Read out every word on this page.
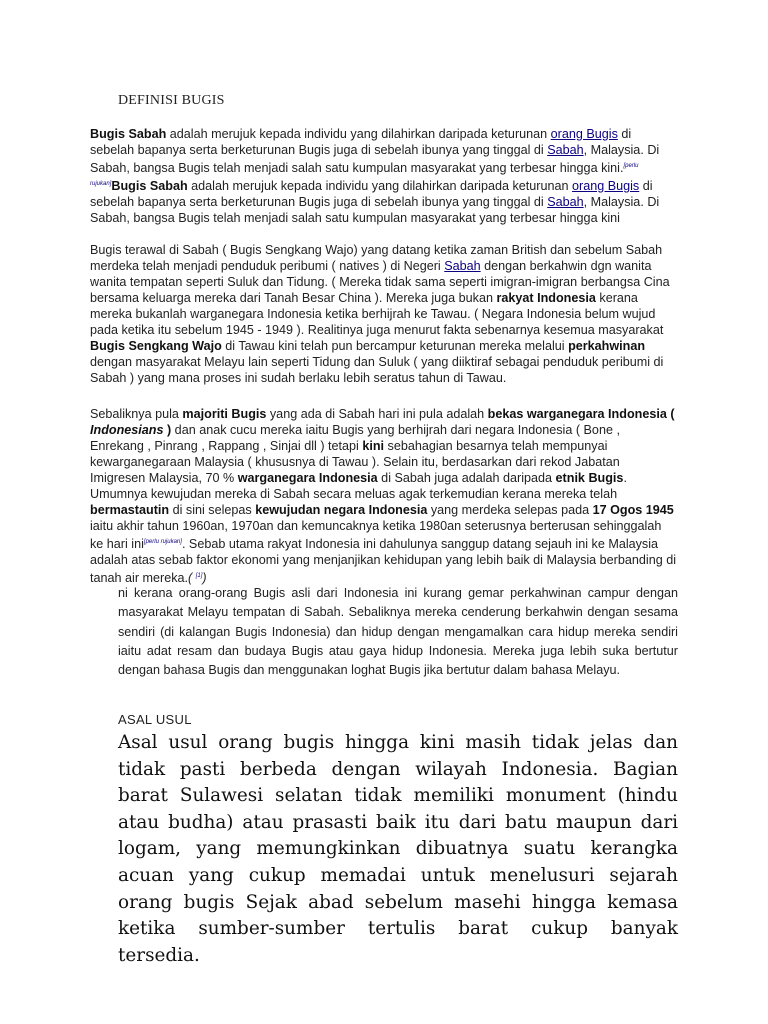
DEFINISI BUGIS
Bugis Sabah adalah merujuk kepada individu yang dilahirkan daripada keturunan orang Bugis di sebelah bapanya serta berketurunan Bugis juga di sebelah ibunya yang tinggal di Sabah, Malaysia. Di Sabah, bangsa Bugis telah menjadi salah satu kumpulan masyarakat yang terbesar hingga kini.[perlu rujukan]Bugis Sabah adalah merujuk kepada individu yang dilahirkan daripada keturunan orang Bugis di sebelah bapanya serta berketurunan Bugis juga di sebelah ibunya yang tinggal di Sabah, Malaysia. Di Sabah, bangsa Bugis telah menjadi salah satu kumpulan masyarakat yang terbesar hingga kini
Bugis terawal di Sabah ( Bugis Sengkang Wajo) yang datang ketika zaman British dan sebelum Sabah merdeka telah menjadi penduduk peribumi ( natives ) di Negeri Sabah dengan berkahwin dgn wanita wanita tempatan seperti Suluk dan Tidung. ( Mereka tidak sama seperti imigran-imigran berbangsa Cina bersama keluarga mereka dari Tanah Besar China ). Mereka juga bukan rakyat Indonesia kerana mereka bukanlah warganegara Indonesia ketika berhijrah ke Tawau. ( Negara Indonesia belum wujud pada ketika itu sebelum 1945 - 1949 ). Realitinya juga menurut fakta sebenarnya kesemua masyarakat Bugis Sengkang Wajo di Tawau kini telah pun bercampur keturunan mereka melalui perkahwinan dengan masyarakat Melayu lain seperti Tidung dan Suluk ( yang diiktiraf sebagai penduduk peribumi di Sabah ) yang mana proses ini sudah berlaku lebih seratus tahun di Tawau.
Sebaliknya pula majoriti Bugis yang ada di Sabah hari ini pula adalah bekas warganegara Indonesia ( Indonesians ) dan anak cucu mereka iaitu Bugis yang berhijrah dari negara Indonesia ( Bone , Enrekang , Pinrang , Rappang , Sinjai dll ) tetapi kini sebahagian besarnya telah mempunyai kewarganegaraan Malaysia ( khususnya di Tawau ). Selain itu, berdasarkan dari rekod Jabatan Imigresen Malaysia, 70 % warganegara Indonesia di Sabah juga adalah daripada etnik Bugis. Umumnya kewujudan mereka di Sabah secara meluas agak terkemudian kerana mereka telah bermastautin di sini selepas kewujudan negara Indonesia yang merdeka selepas pada 17 Ogos 1945 iaitu akhir tahun 1960an, 1970an dan kemuncaknya ketika 1980an seterusnya berterusan sehinggalah ke hari ini[perlu rujukan]. Sebab utama rakyat Indonesia ini dahulunya sanggup datang sejauh ini ke Malaysia adalah atas sebab faktor ekonomi yang menjanjikan kehidupan yang lebih baik di Malaysia berbanding di tanah air mereka.( [1])
ni kerana orang-orang Bugis asli dari Indonesia ini kurang gemar perkahwinan campur dengan masyarakat Melayu tempatan di Sabah. Sebaliknya mereka cenderung berkahwin dengan sesama sendiri (di kalangan Bugis Indonesia) dan hidup dengan mengamalkan cara hidup mereka sendiri iaitu adat resam dan budaya Bugis atau gaya hidup Indonesia. Mereka juga lebih suka bertutur dengan bahasa Bugis dan menggunakan loghat Bugis jika bertutur dalam bahasa Melayu.
ASAL USUL
Asal usul orang bugis hingga kini masih tidak jelas dan tidak pasti berbeda dengan wilayah Indonesia. Bagian barat Sulawesi selatan tidak memiliki monument (hindu atau budha) atau prasasti baik itu dari batu maupun dari logam, yang memungkinkan dibuatnya suatu kerangka acuan yang cukup memadai untuk menelusuri sejarah orang bugis Sejak abad sebelum masehi hingga kemasa ketika sumber-sumber tertulis barat cukup banyak tersedia.
